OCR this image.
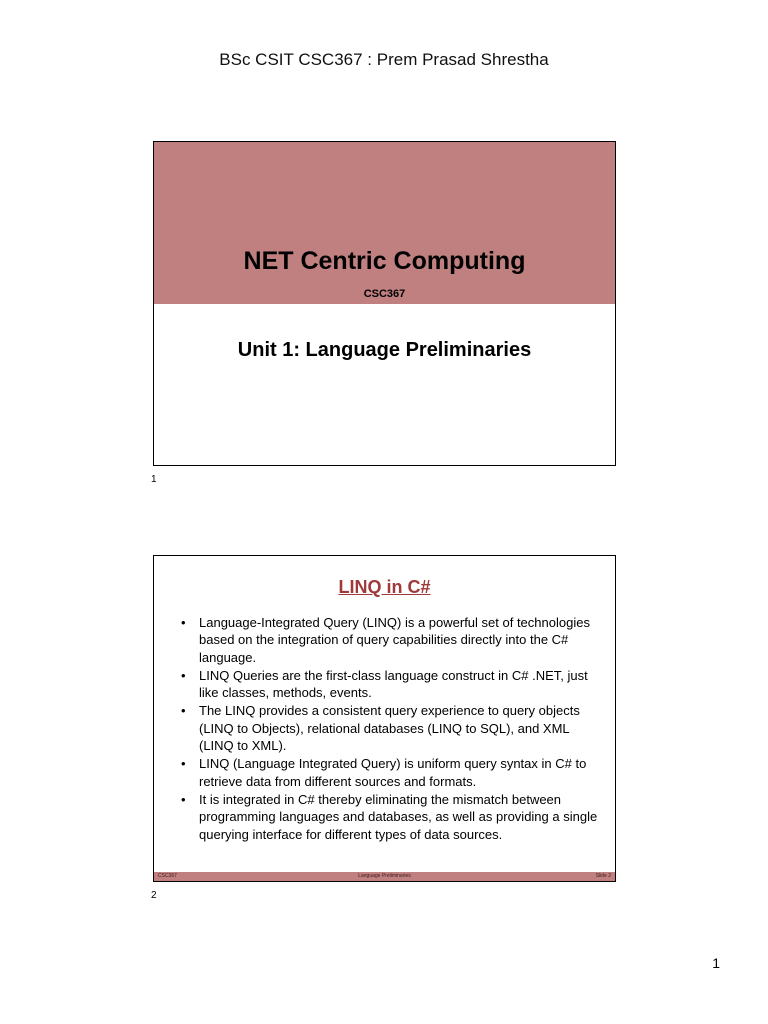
BSc CSIT CSC367 : Prem Prasad Shrestha
NET Centric Computing
CSC367
Unit 1: Language Preliminaries
1
LINQ in C#
• Language-Integrated Query (LINQ) is a powerful set of technologies based on the integration of query capabilities directly into the C# language.
• LINQ Queries are the first-class language construct in C# .NET, just like classes, methods, events.
• The LINQ provides a consistent query experience to query objects (LINQ to Objects), relational databases (LINQ to SQL), and XML (LINQ to XML).
• LINQ (Language Integrated Query) is uniform query syntax in C# to retrieve data from different sources and formats.
• It is integrated in C# thereby eliminating the mismatch between programming languages and databases, as well as providing a single querying interface for different types of data sources.
CSC367	Language Preliminaries	Slide 2
2
1
